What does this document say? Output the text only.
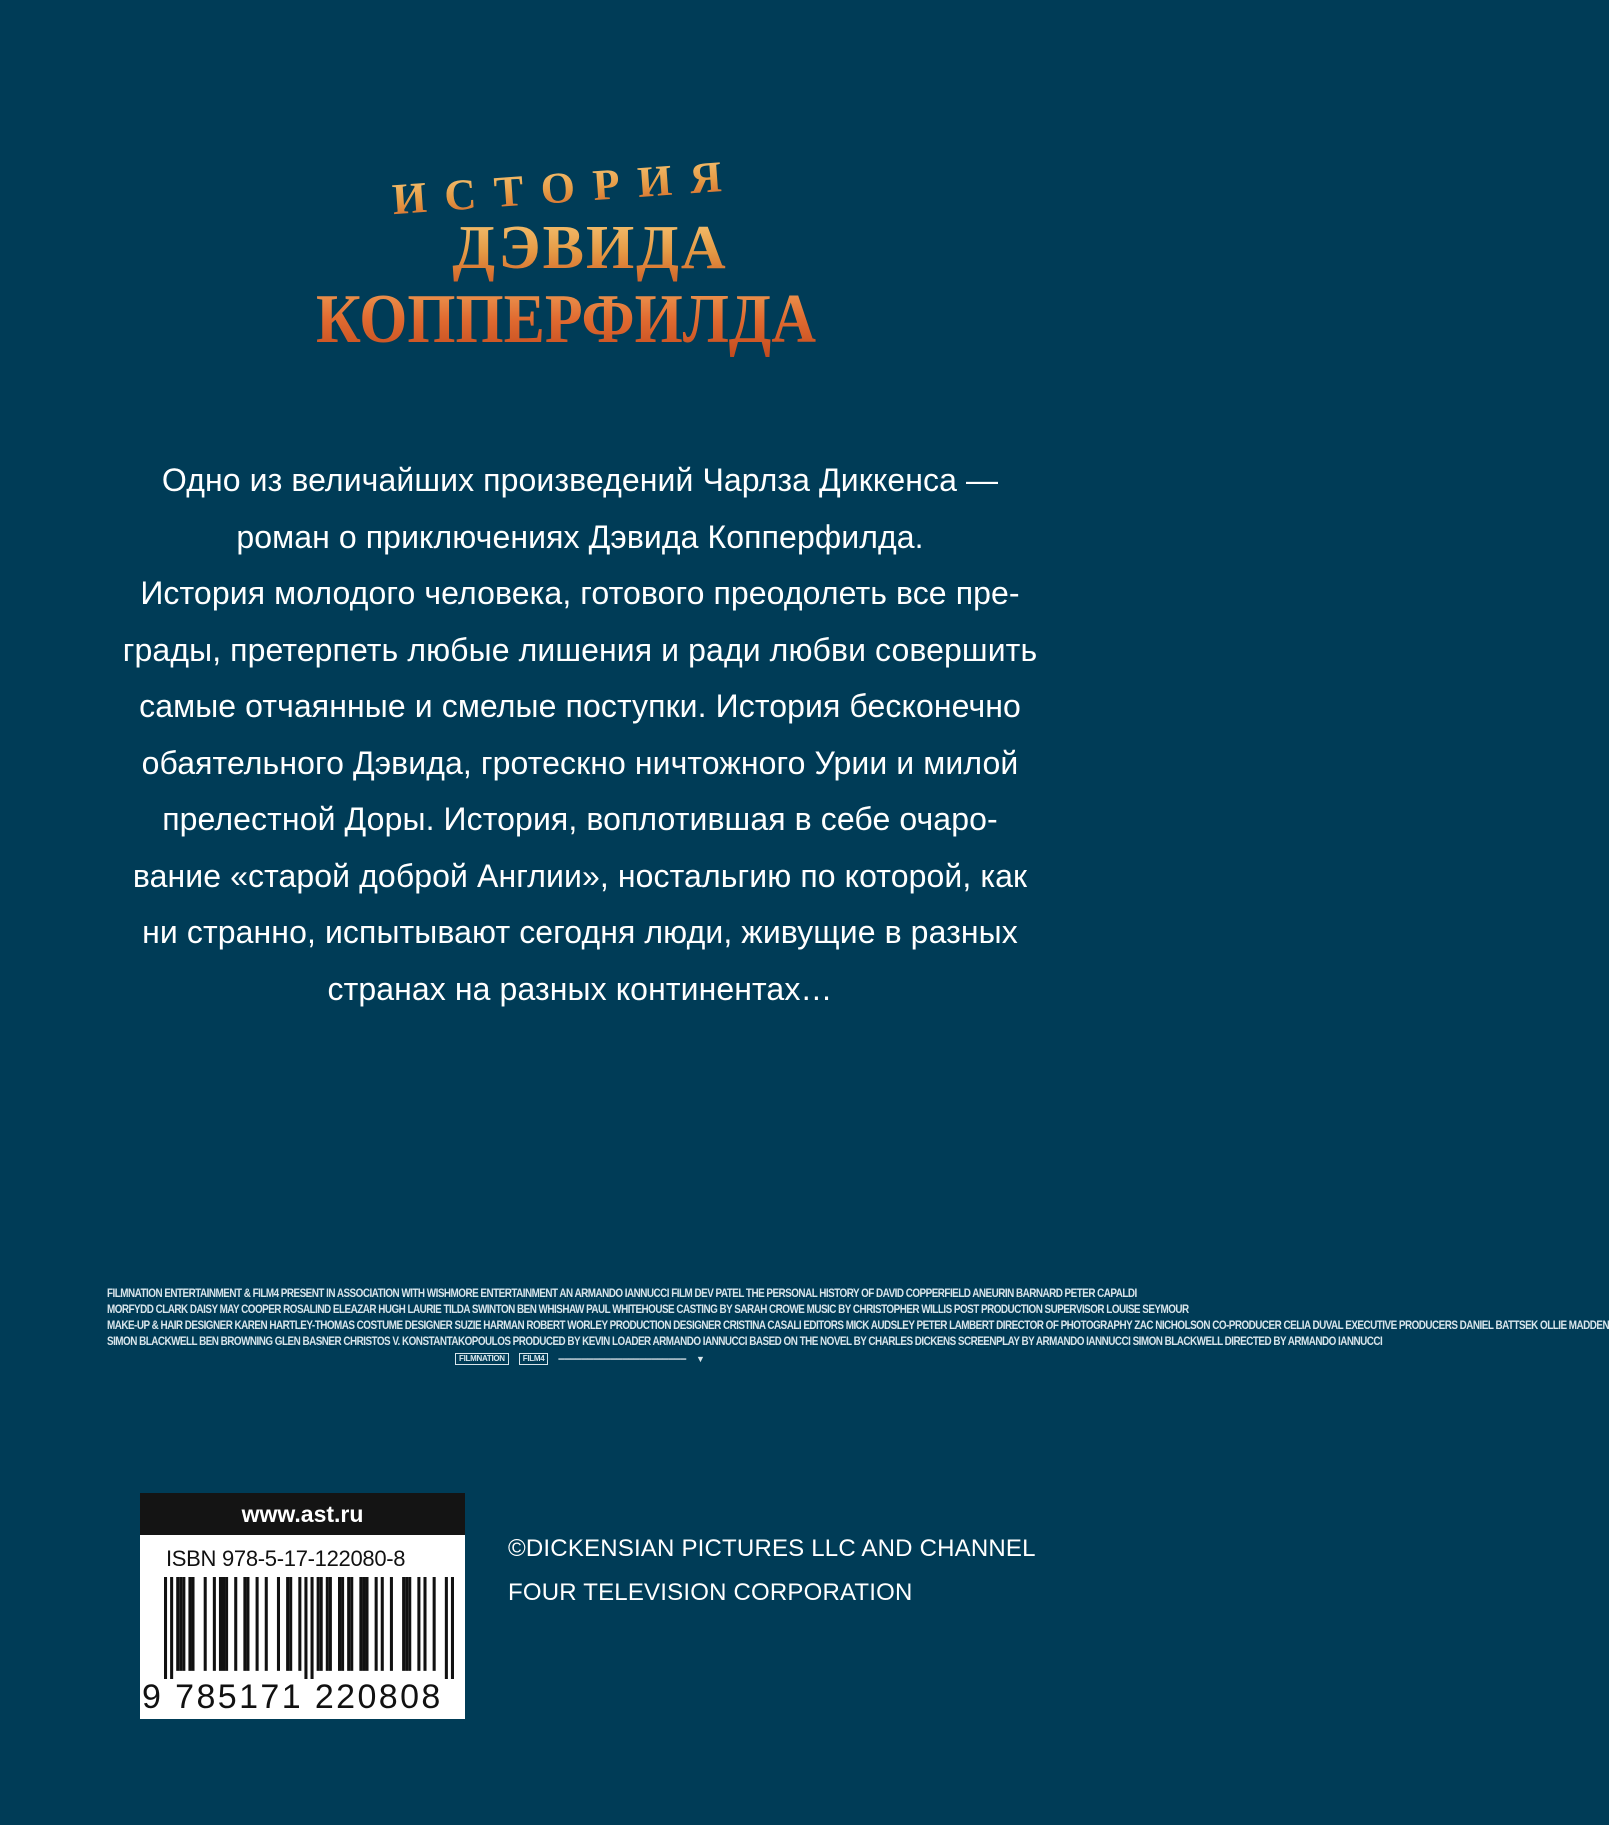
ИСТОРИЯ
ДЭВИДА
КОППЕРФИЛДА
Одно из величайших произведений Чарлза Диккенса —
роман о приключениях Дэвида Копперфилда.
История молодого человека, готового преодолеть все пре-
грады, претерпеть любые лишения и ради любви совершить
самые отчаянные и смелые поступки. История бесконечно
обаятельного Дэвида, гротескно ничтожного Урии и милой
прелестной Доры. История, воплотившая в себе очаро-
вание «старой доброй Англии», ностальгию по которой, как
ни странно, испытывают сегодня люди, живущие в разных
странах на разных континентах…
FILMNATION ENTERTAINMENT & FILM4 PRESENT IN ASSOCIATION WITH WISHMORE ENTERTAINMENT AN ARMANDO IANNUCCI FILM DEV PATEL THE PERSONAL HISTORY OF DAVID COPPERFIELD ANEURIN BARNARD PETER CAPALDI
MORFYDD CLARK DAISY MAY COOPER ROSALIND ELEAZAR HUGH LAURIE TILDA SWINTON BEN WHISHAW PAUL WHITEHOUSE CASTING BY SARAH CROWE MUSIC BY CHRISTOPHER WILLIS POST PRODUCTION SUPERVISOR LOUISE SEYMOUR
MAKE-UP & HAIR DESIGNER KAREN HARTLEY-THOMAS COSTUME DESIGNER SUZIE HARMAN ROBERT WORLEY PRODUCTION DESIGNER CRISTINA CASALI EDITORS MICK AUDSLEY PETER LAMBERT DIRECTOR OF PHOTOGRAPHY ZAC NICHOLSON CO-PRODUCER CELIA DUVAL EXECUTIVE PRODUCERS DANIEL BATTSEK OLLIE MADDEN
SIMON BLACKWELL BEN BROWNING GLEN BASNER CHRISTOS V. KONSTANTAKOPOULOS PRODUCED BY KEVIN LOADER ARMANDO IANNUCCI BASED ON THE NOVEL BY CHARLES DICKENS SCREENPLAY BY ARMANDO IANNUCCI SIMON BLACKWELL DIRECTED BY ARMANDO IANNUCCI
FILMNATION	FILM4	▬▬▬▬▬▬▬▬▬▬▬▬▬▬▬▬▬▬▬▬▬▬ ▼
www.ast.ru
ISBN 978-5-17-122080-8
9 785171 220808
©DICKENSIAN PICTURES LLC AND CHANNEL
FOUR TELEVISION CORPORATION
